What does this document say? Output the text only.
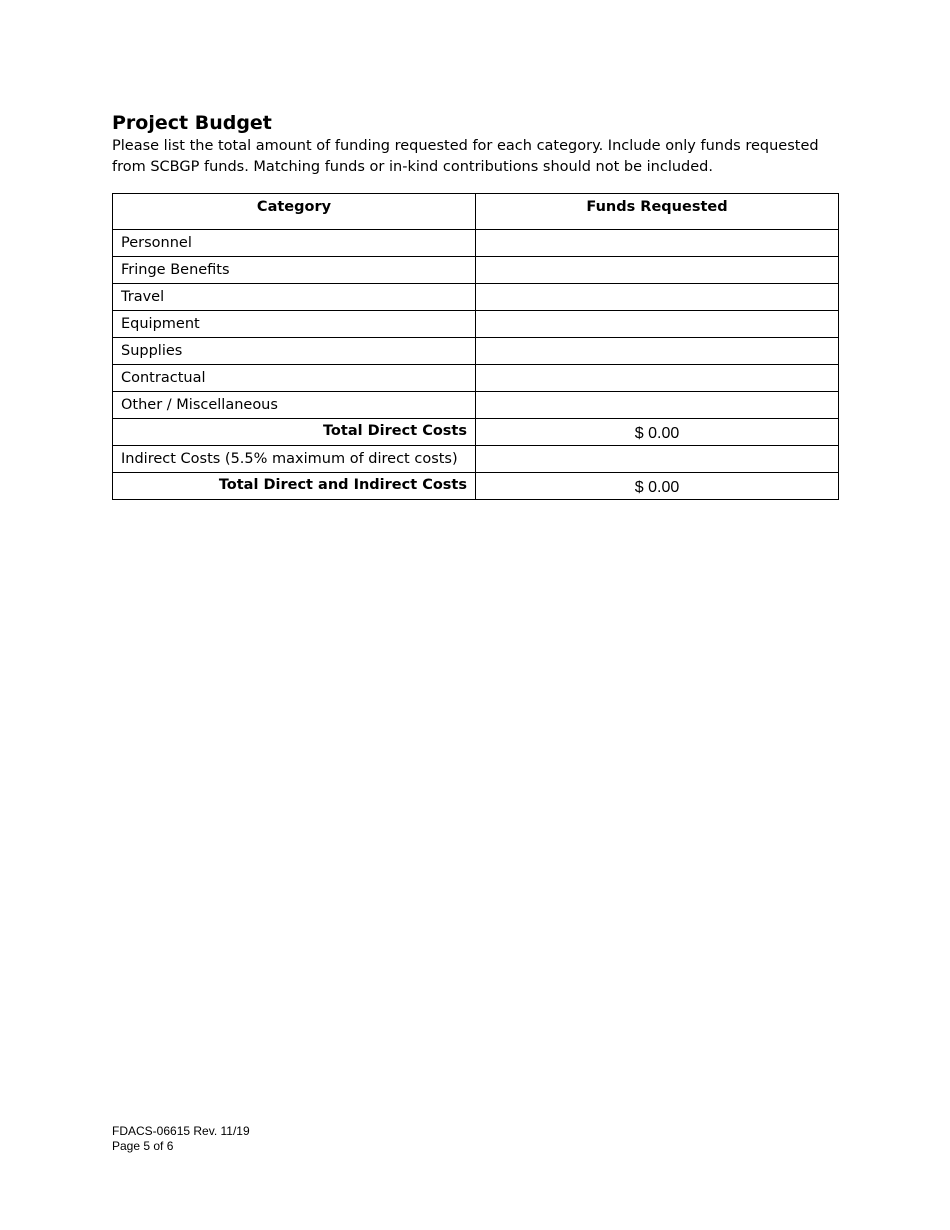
Project Budget

Please list the total amount of funding requested for each category. Include only funds requested from SCBGP funds. Matching funds or in-kind contributions should not be included.

Category	Funds Requested
Personnel	

Fringe Benefits	

Travel	

Equipment	

Supplies	

Contractual	

Other / Miscellaneous	

Total Direct Costs	$ 0.00
Indirect Costs (5.5% maximum of direct costs)	

Total Direct and Indirect Costs	$ 0.00
FDACS-06615 Rev. 11/19
Page 5 of 6
